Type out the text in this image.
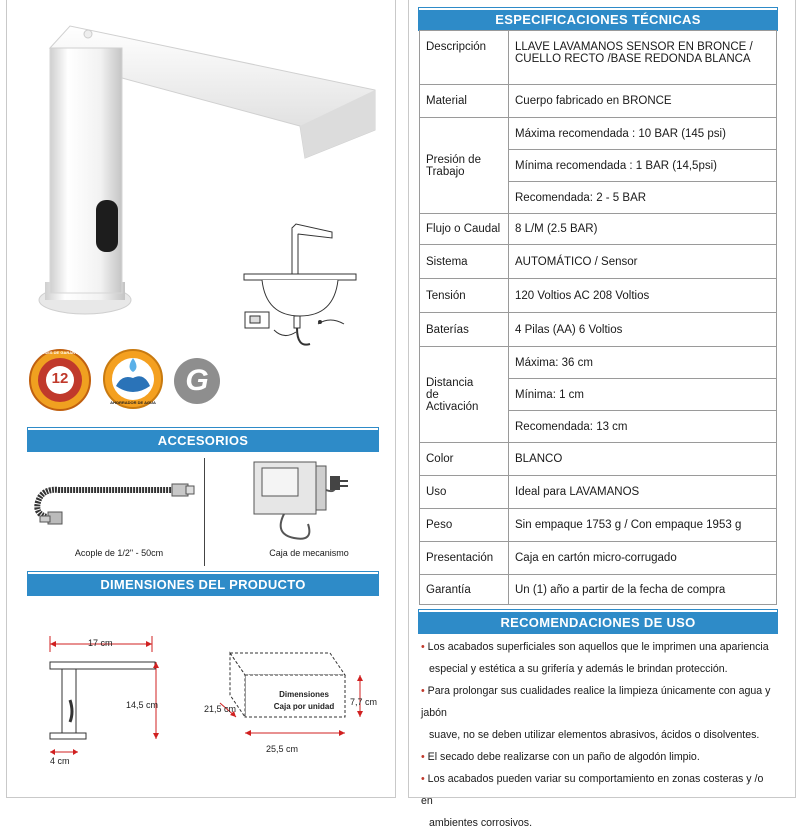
12
MESES DE GARANTÍA
AHORRADOR DE AGUA
G
ACCESORIOS
Acople de 1/2" - 50cm	Caja de mecanismo
DIMENSIONES DEL PRODUCTO
17 cm
14,5 cm
4 cm
Dimensiones
Caja por unidad
21,5 cm
25,5 cm
7,7 cm
ESPECIFICACIONES TÉCNICAS
Descripción	LLAVE LAVAMANOS SENSOR EN BRONCE /
CUELLO RECTO /BASE REDONDA BLANCA

Material	Cuerpo fabricado en BRONCE

Presión de
Trabajo	Máxima recomendada : 10 BAR (145 psi)
	Mínima recomendada : 1 BAR (14,5psi)
	Recomendada: 2 - 5 BAR
Flujo o Caudal	8 L/M (2.5 BAR)
Sistema	AUTOMÁTICO / Sensor
Tensión	120 Voltios AC 208 Voltios
Baterías	4 Pilas (AA) 6 Voltios

Distancia
de
Activación	Máxima: 36 cm
	Mínima: 1 cm
	Recomendada: 13 cm
Color	BLANCO
Uso	Ideal para LAVAMANOS
Peso	Sin empaque 1753 g / Con empaque 1953 g
Presentación	Caja en cartón micro-corrugado
Garantía	Un (1) año a partir de la fecha de compra
RECOMENDACIONES DE USO
• Los acabados superficiales son aquellos que le imprimen una apariencia
especial y estética a su grifería y además le brindan protección.
• Para prolongar sus cualidades realice la limpieza únicamente con agua y jabón
suave, no se deben utilizar elementos abrasivos, ácidos o disolventes.
• El secado debe realizarse con un paño de algodón limpio.
• Los acabados pueden variar su comportamiento en zonas costeras y /o en
ambientes corrosivos.
